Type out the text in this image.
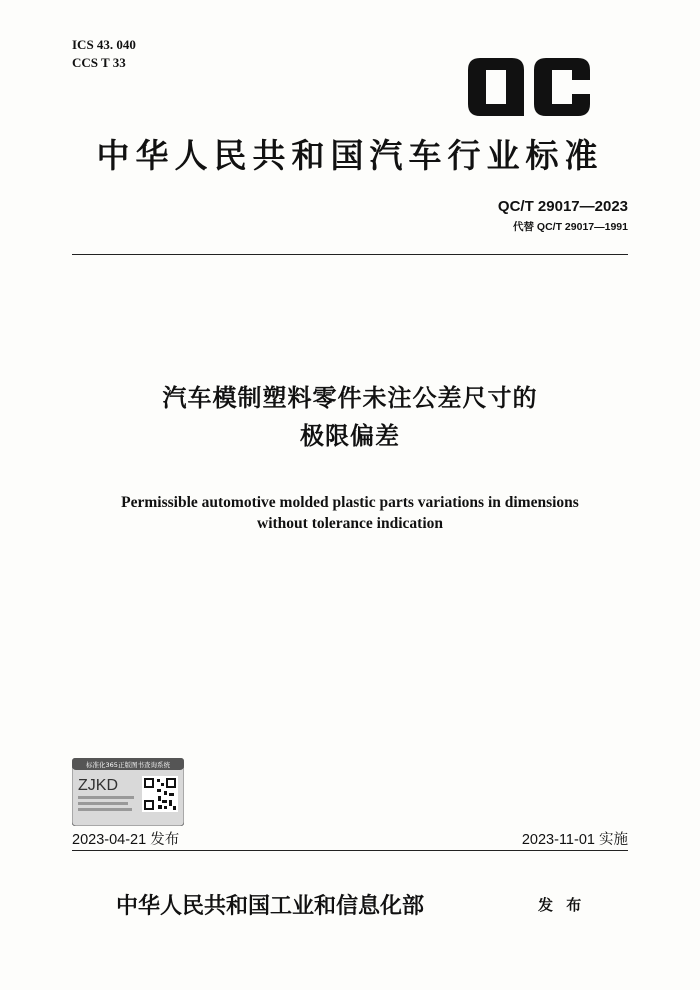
ICS 43. 040
CCS T 33
中华人民共和国汽车行业标准
QC/T 29017—2023
代替 QC/T 29017—1991
汽车模制塑料零件未注公差尺寸的
极限偏差
Permissible automotive molded plastic parts variations in dimensions
without tolerance indication
标准化365正版图书查询系统
ZJKD
2023-04-21 发布	2023-11-01 实施
中华人民共和国工业和信息化部	发 布
